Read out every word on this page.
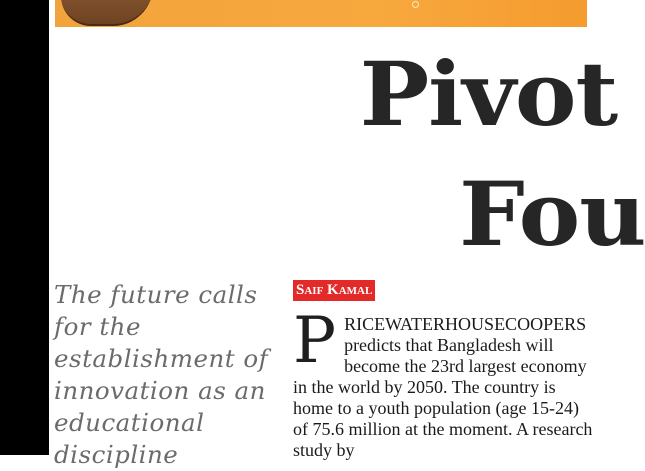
Pivot
Fou

The future calls for the establishment of innovation as an educational discipline

Saif Kamal

PRICEWATERHOUSECOOPERS predicts that Bangladesh will become the 23rd largest economy in the world by 2050. The country is home to a youth population (age 15-24) of 75.6 million at the moment. A research study by
